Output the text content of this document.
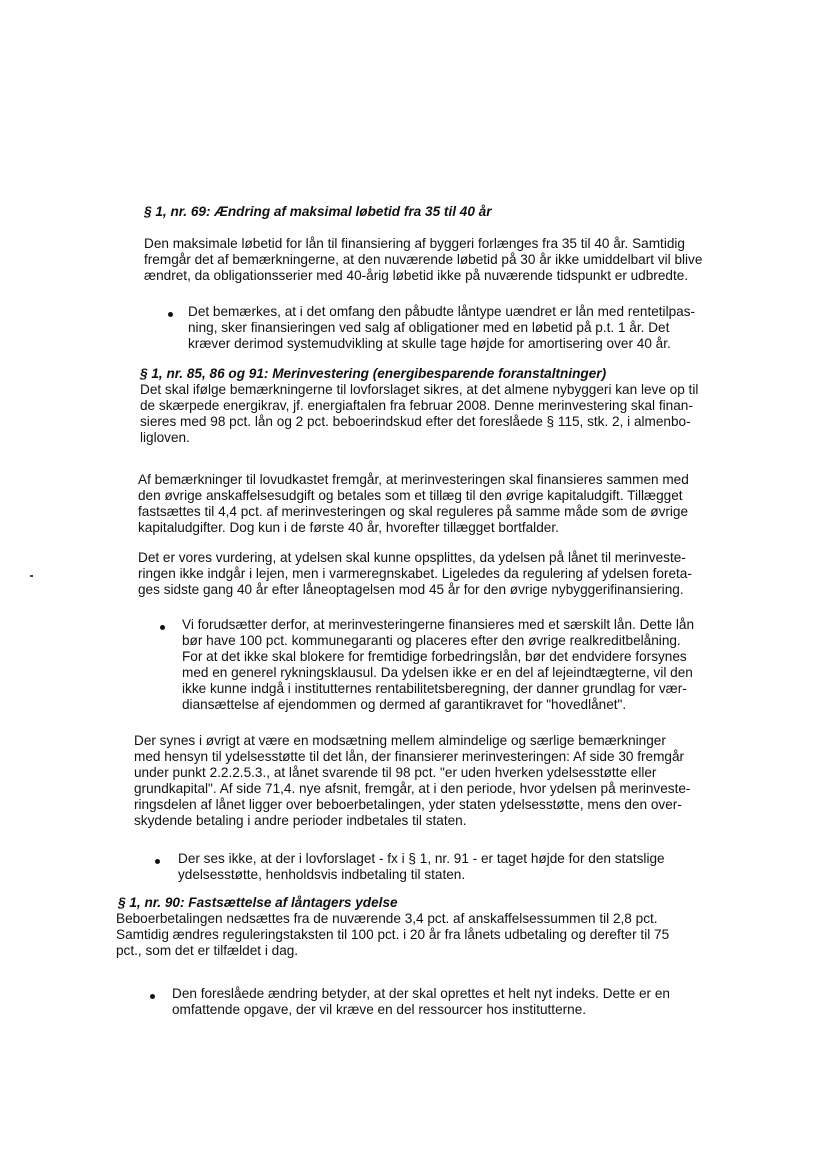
§ 1, nr. 69: Ændring af maksimal løbetid fra 35 til 40 år
Den maksimale løbetid for lån til finansiering af byggeri forlænges fra 35 til 40 år. Samtidig
fremgår det af bemærkningerne, at den nuværende løbetid på 30 år ikke umiddelbart vil blive
ændret, da obligationsserier med 40-årig løbetid ikke på nuværende tidspunkt er udbredte.
Det bemærkes, at i det omfang den påbudte låntype uændret er lån med rentetilpas-
ning, sker finansieringen ved salg af obligationer med en løbetid på p.t. 1 år. Det
kræver derimod systemudvikling at skulle tage højde for amortisering over 40 år.
§ 1, nr. 85, 86 og 91: Merinvestering (energibesparende foranstaltninger)
Det skal ifølge bemærkningerne til lovforslaget sikres, at det almene nybyggeri kan leve op til
de skærpede energikrav, jf. energiaftalen fra februar 2008. Denne merinvestering skal finan-
sieres med 98 pct. lån og 2 pct. beboerindskud efter det foreslåede § 115, stk. 2, i almenbo-
ligloven.
Af bemærkninger til lovudkastet fremgår, at merinvesteringen skal finansieres sammen med
den øvrige anskaffelsesudgift og betales som et tillæg til den øvrige kapitaludgift. Tillægget
fastsættes til 4,4 pct. af merinvesteringen og skal reguleres på samme måde som de øvrige
kapitaludgifter. Dog kun i de første 40 år, hvorefter tillægget bortfalder.
Det er vores vurdering, at ydelsen skal kunne opsplittes, da ydelsen på lånet til merinveste-
ringen ikke indgår i lejen, men i varmeregnskabet. Ligeledes da regulering af ydelsen foreta-
ges sidste gang 40 år efter låneoptagelsen mod 45 år for den øvrige nybyggerifinansiering.
Vi forudsætter derfor, at merinvesteringerne finansieres med et særskilt lån. Dette lån
bør have 100 pct. kommunegaranti og placeres efter den øvrige realkreditbelåning.
For at det ikke skal blokere for fremtidige forbedringslån, bør det endvidere forsynes
med en generel rykningsklausul. Da ydelsen ikke er en del af lejeindtægterne, vil den
ikke kunne indgå i institutternes rentabilitetsberegning, der danner grundlag for vær-
diansættelse af ejendommen og dermed af garantikravet for "hovedlånet".
Der synes i øvrigt at være en modsætning mellem almindelige og særlige bemærkninger
med hensyn til ydelsesstøtte til det lån, der finansierer merinvesteringen: Af side 30 fremgår
under punkt 2.2.2.5.3., at lånet svarende til 98 pct. "er uden hverken ydelsesstøtte eller
grundkapital". Af side 71,4. nye afsnit, fremgår, at i den periode, hvor ydelsen på merinveste-
ringsdelen af lånet ligger over beboerbetalingen, yder staten ydelsesstøtte, mens den over-
skydende betaling i andre perioder indbetales til staten.
Der ses ikke, at der i lovforslaget - fx i § 1, nr. 91 - er taget højde for den statslige
ydelsesstøtte, henholdsvis indbetaling til staten.
§ 1, nr. 90: Fastsættelse af låntagers ydelse
Beboerbetalingen nedsættes fra de nuværende 3,4 pct. af anskaffelsessummen til 2,8 pct.
Samtidig ændres reguleringstaksten til 100 pct. i 20 år fra lånets udbetaling og derefter til 75
pct., som det er tilfældet i dag.
Den foreslåede ændring betyder, at der skal oprettes et helt nyt indeks. Dette er en
omfattende opgave, der vil kræve en del ressourcer hos institutterne.
